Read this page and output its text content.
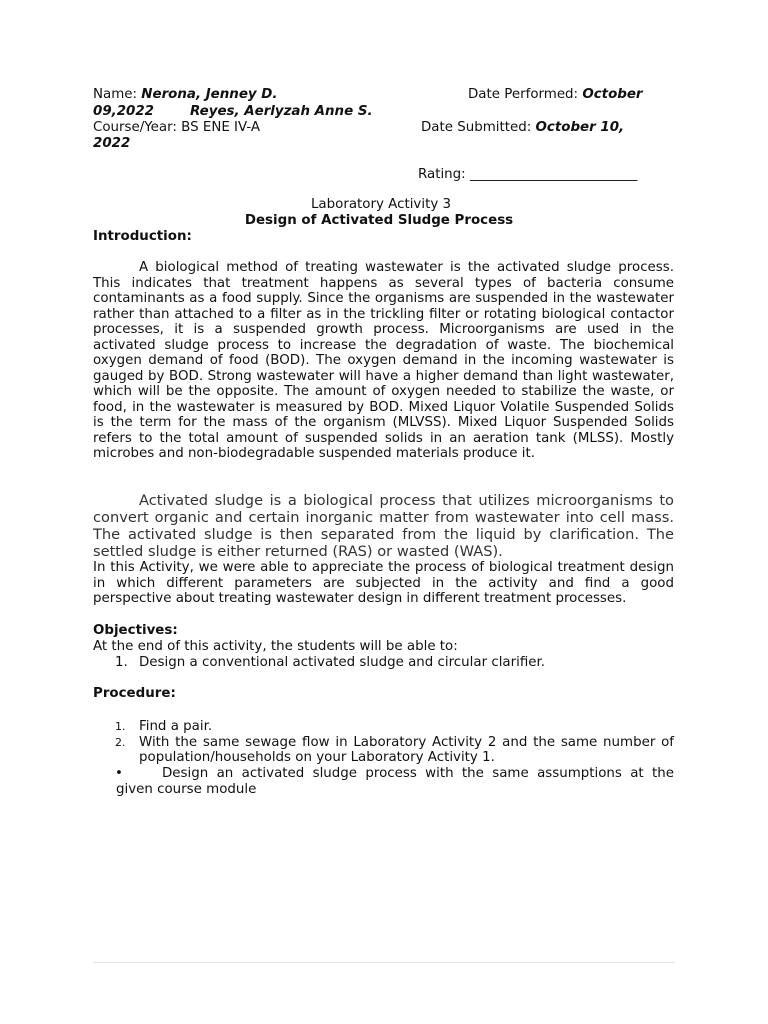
Name: Nerona, Jenney D.	Date Performed: October
09,2022	Reyes, Aerlyzah Anne S.
Course/Year: BS ENE IV-A	Date Submitted: October 10,
2022
Rating: _________________________
Laboratory Activity 3
Design of Activated Sludge Process
Introduction:
A biological method of treating wastewater is the activated sludge process. This indicates that treatment happens as several types of bacteria consume contaminants as a food supply. Since the organisms are suspended in the wastewater rather than attached to a filter as in the trickling filter or rotating biological contactor processes, it is a suspended growth process. Microorganisms are used in the activated sludge process to increase the degradation of waste. The biochemical oxygen demand of food (BOD). The oxygen demand in the incoming wastewater is gauged by BOD. Strong wastewater will have a higher demand than light wastewater, which will be the opposite. The amount of oxygen needed to stabilize the waste, or food, in the wastewater is measured by BOD. Mixed Liquor Volatile Suspended Solids is the term for the mass of the organism (MLVSS). Mixed Liquor Suspended Solids refers to the total amount of suspended solids in an aeration tank (MLSS). Mostly microbes and non-biodegradable suspended materials produce it.
Activated sludge is a biological process that utilizes microorganisms to convert organic and certain inorganic matter from wastewater into cell mass. The activated sludge is then separated from the liquid by clarification. The settled sludge is either returned (RAS) or wasted (WAS).
In this Activity, we were able to appreciate the process of biological treatment design in which different parameters are subjected in the activity and find a good perspective about treating wastewater design in different treatment processes.
Objectives:
At the end of this activity, the students will be able to:
1. Design a conventional activated sludge and circular clarifier.
Procedure:
1. Find a pair.
2. With the same sewage flow in Laboratory Activity 2 and the same number of population/households on your Laboratory Activity 1.
•	Design an activated sludge process with the same assumptions at the given course module
